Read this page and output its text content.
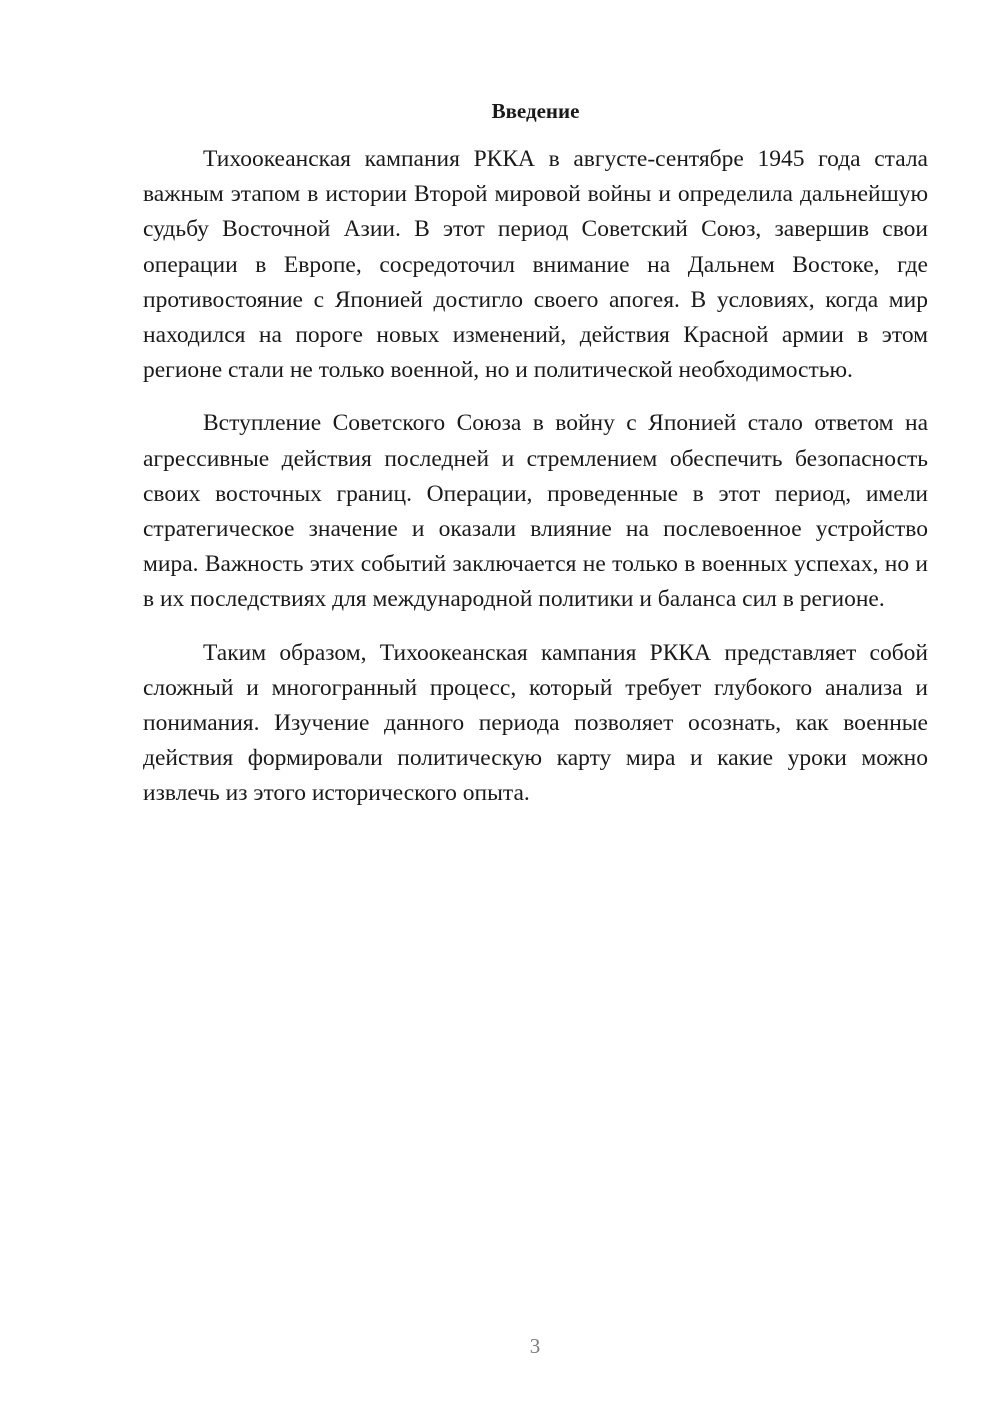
Введение

Тихоокеанская кампания РККА в августе-сентябре 1945 года стала важным этапом в истории Второй мировой войны и определила дальнейшую судьбу Восточной Азии. В этот период Советский Союз, завершив свои операции в Европе, сосредоточил внимание на Дальнем Востоке, где противостояние с Японией достигло своего апогея. В условиях, когда мир находился на пороге новых изменений, действия Красной армии в этом регионе стали не только военной, но и политической необходимостью.

Вступление Советского Союза в войну с Японией стало ответом на агрессивные действия последней и стремлением обеспечить безопасность своих восточных границ. Операции, проведенные в этот период, имели стратегическое значение и оказали влияние на послевоенное устройство мира. Важность этих событий заключается не только в военных успехах, но и в их последствиях для международной политики и баланса сил в регионе.

Таким образом, Тихоокеанская кампания РККА представляет собой сложный и многогранный процесс, который требует глубокого анализа и понимания. Изучение данного периода позволяет осознать, как военные действия формировали политическую карту мира и какие уроки можно извлечь из этого исторического опыта.

3
